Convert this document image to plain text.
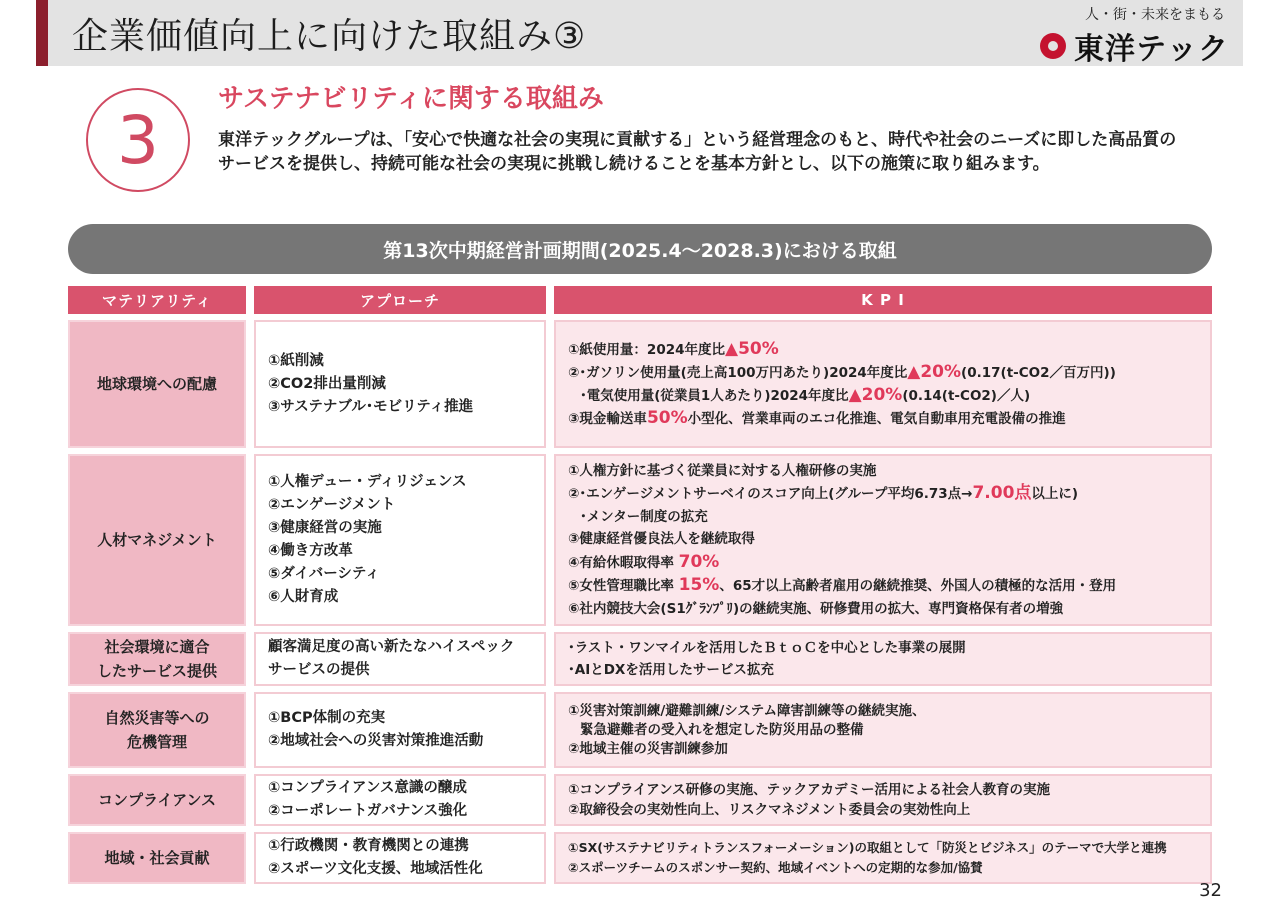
企業価値向上に向けた取組み③
人・街・未来をまもる
東洋テック
3
サステナビリティに関する取組み
東洋テックグループは、「安心で快適な社会の実現に貢献する」という経営理念のもと、時代や社会のニーズに即した高品質のサービスを提供し、持続可能な社会の実現に挑戦し続けることを基本方針とし、以下の施策に取り組みます。
第13次中期経営計画期間(2025.4～2028.3)における取組
マテリアリティ	アプローチ	K P I
地球環境への配慮
①紙削減
②CO2排出量削減
③サステナブル･モビリティ推進
①紙使用量：2024年度比▲50%
②･ガソリン使用量(売上高100万円あたり)2024年度比▲20%(0.17(t-CO2／百万円))
･電気使用量(従業員1人あたり)2024年度比▲20%(0.14(t-CO2)／人)
③現金輸送車50%小型化、営業車両のエコ化推進、電気自動車用充電設備の推進
人材マネジメント
①人権デュー・ディリジェンス
②エンゲージメント
③健康経営の実施
④働き方改革
⑤ダイバーシティ
⑥人財育成
①人権方針に基づく従業員に対する人権研修の実施
②･エンゲージメントサーベイのスコア向上(グループ平均6.73点→7.00点以上に)
･メンター制度の拡充
③健康経営優良法人を継続取得
④有給休暇取得率 70%
⑤女性管理職比率 15%、65才以上高齢者雇用の継続推奨、外国人の積極的な活用・登用
⑥社内競技大会(S1ｸﾞﾗﾝﾌﾟﾘ)の継続実施、研修費用の拡大、専門資格保有者の増強
社会環境に適合
したサービス提供
顧客満足度の高い新たなハイスペック
サービスの提供
･ラスト・ワンマイルを活用したＢｔｏＣを中心とした事業の展開
･AIとDXを活用したサービス拡充
自然災害等への
危機管理
①BCP体制の充実
②地域社会への災害対策推進活動
①災害対策訓練/避難訓練/システム障害訓練等の継続実施、
緊急避難者の受入れを想定した防災用品の整備
②地域主催の災害訓練参加
コンプライアンス
①コンプライアンス意識の醸成
②コーポレートガバナンス強化
①コンプライアンス研修の実施、テックアカデミー活用による社会人教育の実施
②取締役会の実効性向上、リスクマネジメント委員会の実効性向上
地域・社会貢献
①行政機関・教育機関との連携
②スポーツ文化支援、地域活性化
①SX(サステナビリティトランスフォーメーション)の取組として「防災とビジネス」のテーマで大学と連携
②スポーツチームのスポンサー契約、地域イベントへの定期的な参加/協賛
32
